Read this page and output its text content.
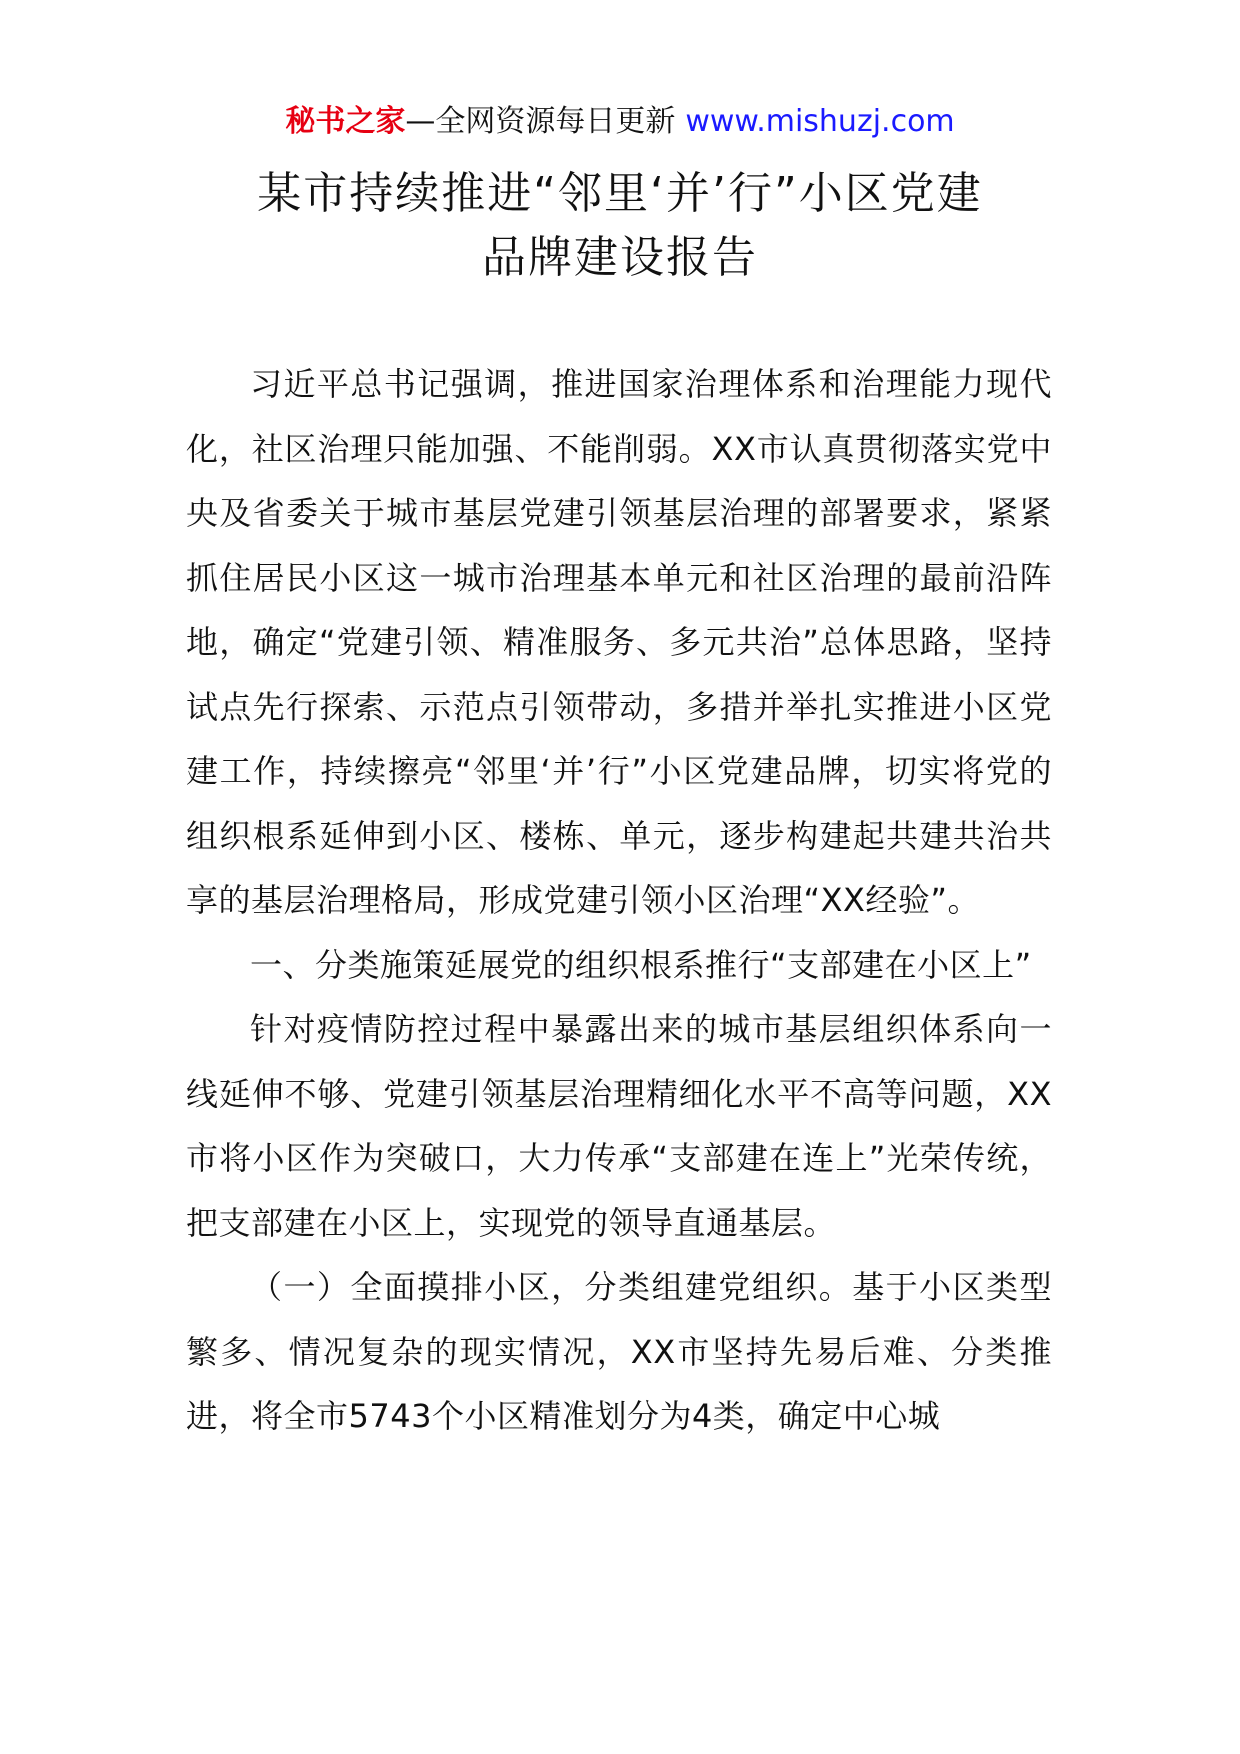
秘书之家—全网资源每日更新 www.mishuzj.com
某市持续推进“邻里‘并’行”小区党建
品牌建设报告

习近平总书记强调，推进国家治理体系和治理能力现代化，社区治理只能加强、不能削弱。XX市认真贯彻落实党中央及省委关于城市基层党建引领基层治理的部署要求，紧紧抓住居民小区这一城市治理基本单元和社区治理的最前沿阵地，确定“党建引领、精准服务、多元共治”总体思路，坚持试点先行探索、示范点引领带动，多措并举扎实推进小区党建工作，持续擦亮“邻里‘并’行”小区党建品牌，切实将党的组织根系延伸到小区、楼栋、单元，逐步构建起共建共治共享的基层治理格局，形成党建引领小区治理“XX经验”。

一、分类施策延展党的组织根系推行“支部建在小区上”

针对疫情防控过程中暴露出来的城市基层组织体系向一线延伸不够、党建引领基层治理精细化水平不高等问题，XX市将小区作为突破口，大力传承“支部建在连上”光荣传统，把支部建在小区上，实现党的领导直通基层。

（一）全面摸排小区，分类组建党组织。基于小区类型繁多、情况复杂的现实情况，XX市坚持先易后难、分类推进，将全市5743个小区精准划分为4类，确定中心城
